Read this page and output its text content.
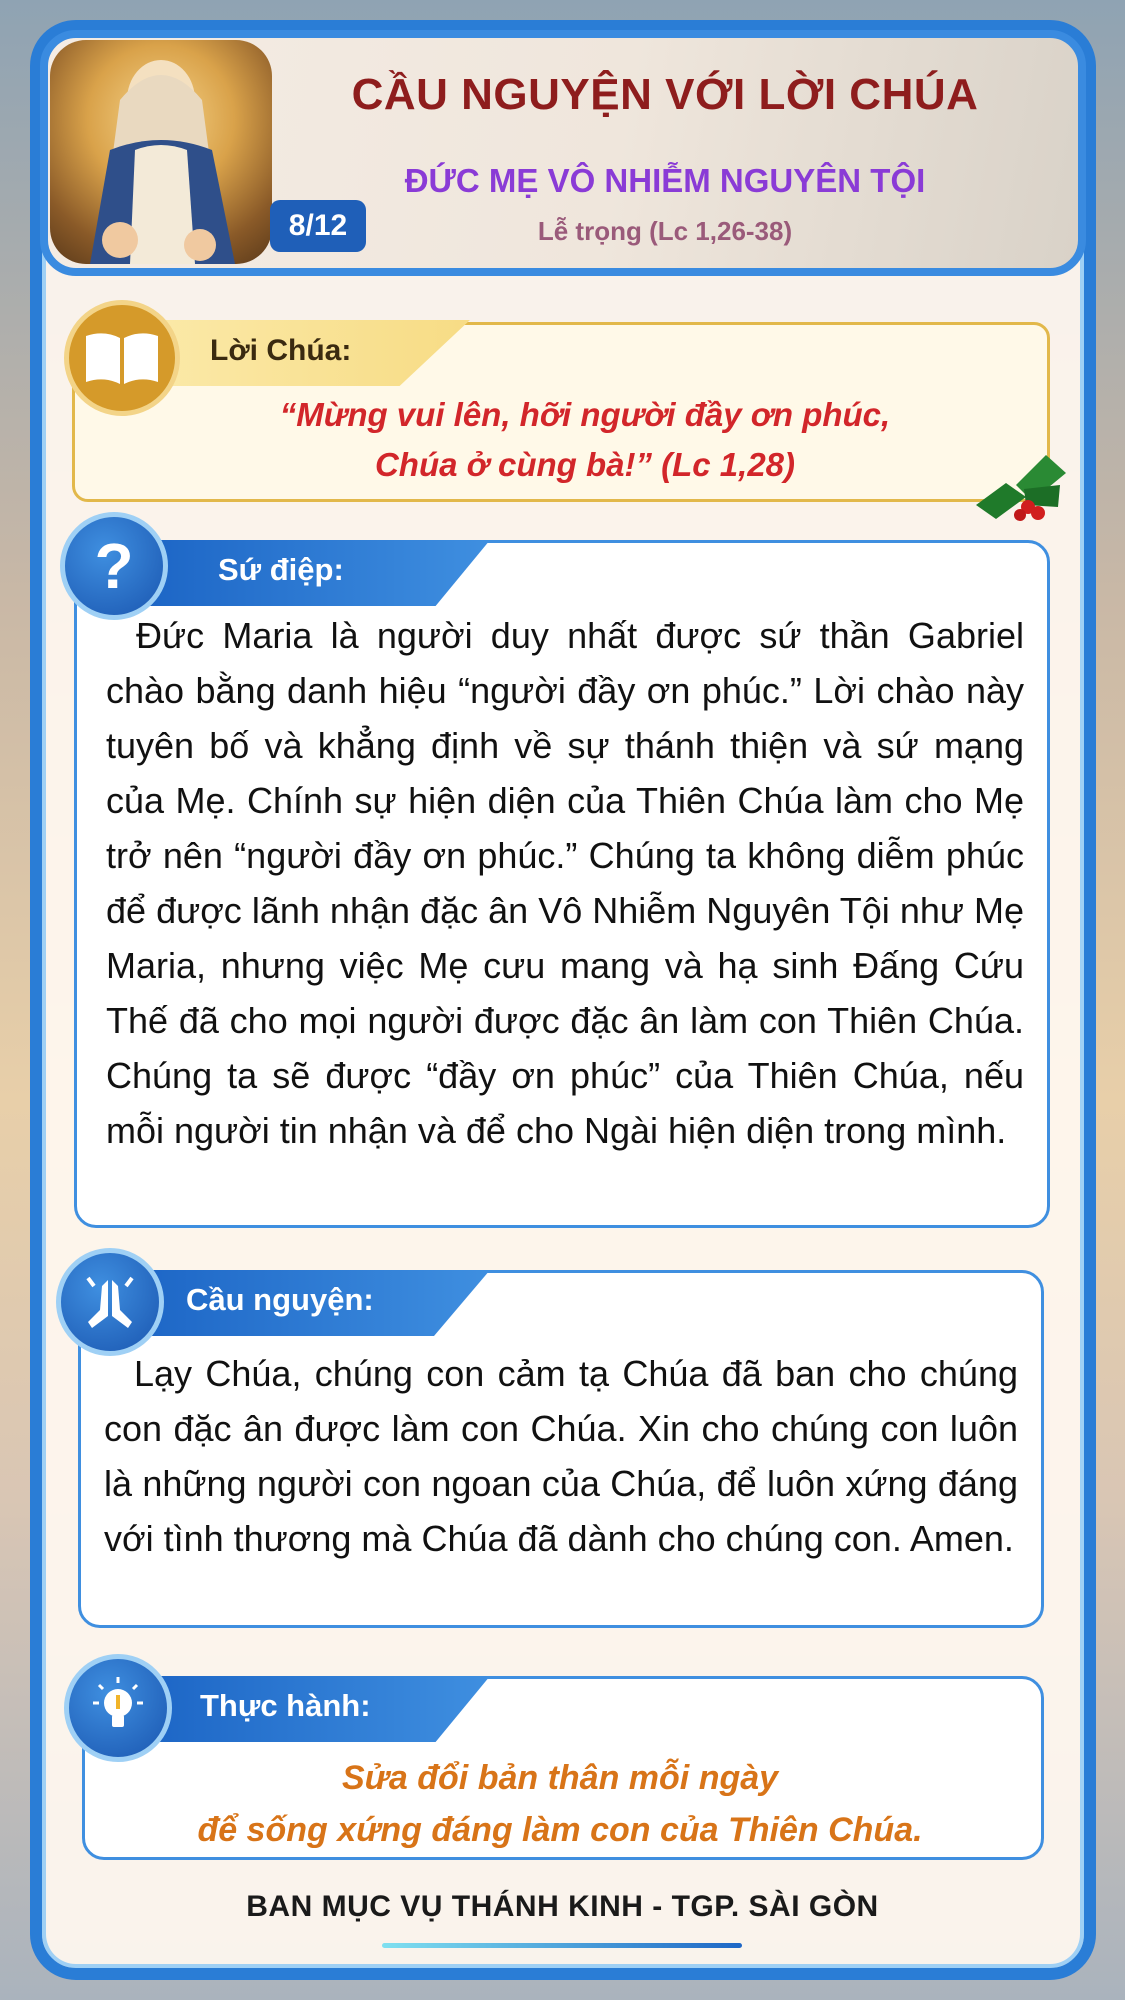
8/12
CẦU NGUYỆN VỚI LỜI CHÚA
ĐỨC MẸ VÔ NHIỄM NGUYÊN TỘI
Lễ trọng (Lc 1,26-38)
Lời Chúa:
“Mừng vui lên, hỡi người đầy ơn phúc,
Chúa ở cùng bà!” (Lc 1,28)
Sứ điệp:
?
Đức Maria là người duy nhất được sứ thần Gabriel chào bằng danh hiệu “người đầy ơn phúc.” Lời chào này tuyên bố và khẳng định về sự thánh thiện và sứ mạng của Mẹ. Chính sự hiện diện của Thiên Chúa làm cho Mẹ trở nên “người đầy ơn phúc.” Chúng ta không diễm phúc để được lãnh nhận đặc ân Vô Nhiễm Nguyên Tội như Mẹ Maria, nhưng việc Mẹ cưu mang và hạ sinh Đấng Cứu Thế đã cho mọi người được đặc ân làm con Thiên Chúa. Chúng ta sẽ được “đầy ơn phúc” của Thiên Chúa, nếu mỗi người tin nhận và để cho Ngài hiện diện trong mình.
Cầu nguyện:
Lạy Chúa, chúng con cảm tạ Chúa đã ban cho chúng con đặc ân được làm con Chúa. Xin cho chúng con luôn là những người con ngoan của Chúa, để luôn xứng đáng với tình thương mà Chúa đã dành cho chúng con. Amen.
Thực hành:
Sửa đổi bản thân mỗi ngày
để sống xứng đáng làm con của Thiên Chúa.
BAN MỤC VỤ THÁNH KINH - TGP. SÀI GÒN
